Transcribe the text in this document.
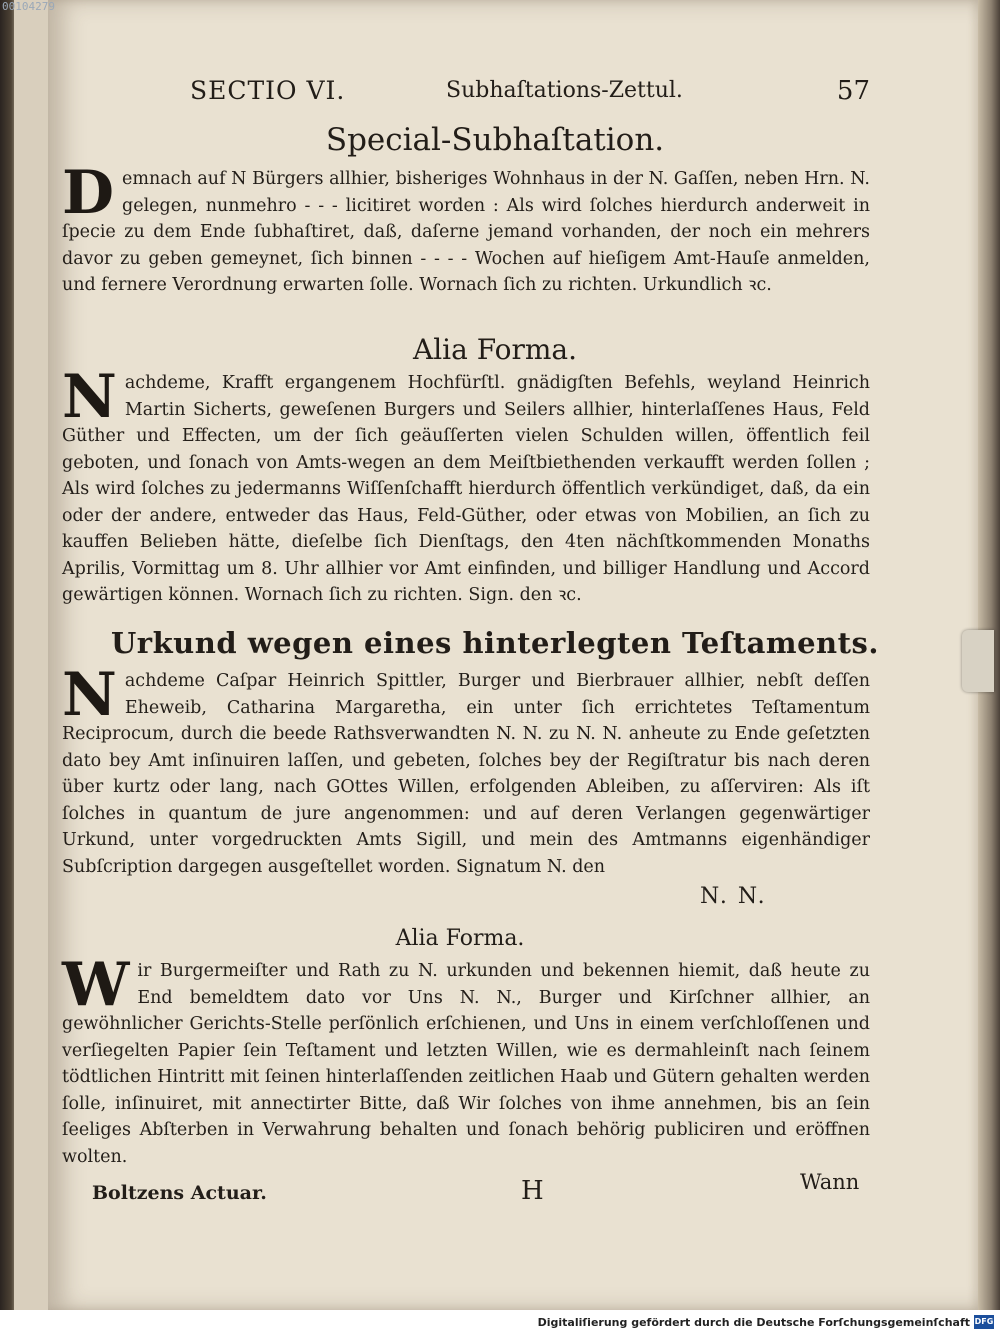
00104279
SECTIO VI.	Subhaſtations-Zettul.	57
Special-Subhaſtation.
D emnach auf N Bürgers allhier, bisheriges Wohnhaus in der N. Gaſſen, neben Hrn. N. gelegen, nunmehro - - - licitiret worden : Als wird ſolches hierdurch anderweit in ſpecie zu dem Ende ſubhaſtiret, daß, daſerne jemand vorhanden, der noch ein mehrers davor zu geben gemeynet, ſich binnen - - - - Wochen auf hieſigem Amt-Hauſe anmelden, und fernere Verordnung erwarten ſolle. Wornach ſich zu richten. Urkundlich ꝛc.
Alia Forma.
N achdeme, Krafft ergangenem Hochfürſtl. gnädigſten Befehls, weyland Heinrich Martin Sicherts, geweſenen Burgers und Seilers allhier, hinterlaſſenes Haus, Feld Güther und Effecten, um der ſich geäuſſerten vielen Schulden willen, öffentlich feil geboten, und ſonach von Amts-wegen an dem Meiſtbiethenden verkaufft werden ſollen ; Als wird ſolches zu jedermanns Wiſſenſchafft hierdurch öffentlich verkündiget, daß, da ein oder der andere, entweder das Haus, Feld-Güther, oder etwas von Mobilien, an ſich zu kauffen Belieben hätte, dieſelbe ſich Dienſtags, den 4ten nächſtkommenden Monaths Aprilis, Vormittag um 8. Uhr allhier vor Amt einfinden, und billiger Handlung und Accord gewärtigen können. Wornach ſich zu richten. Sign. den ꝛc.
Urkund wegen eines hinterlegten Teſtaments.
N achdeme Caſpar Heinrich Spittler, Burger und Bierbrauer allhier, nebſt deſſen Eheweib, Catharina Margaretha, ein unter ſich errichtetes Teſtamentum Reciprocum, durch die beede Rathsverwandten N. N. zu N. N. anheute zu Ende geſetzten dato bey Amt inſinuiren laſſen, und gebeten, ſolches bey der Regiſtratur bis nach deren über kurtz oder lang, nach GOttes Willen, erfolgenden Ableiben, zu aſſerviren: Als iſt ſolches in quantum de jure angenommen: und auf deren Verlangen gegenwärtiger Urkund, unter vorgedruckten Amts Sigill, und mein des Amtmanns eigenhändiger Subſcription dargegen ausgeſtellet worden. Signatum N. den
N. N.
Alia Forma.
W ir Burgermeiſter und Rath zu N. urkunden und bekennen hiemit, daß heute zu End bemeldtem dato vor Uns N. N., Burger und Kirſchner allhier, an gewöhnlicher Gerichts-Stelle perſönlich erſchienen, und Uns in einem verſchloſſenen und verſiegelten Papier ſein Teſtament und letzten Willen, wie es dermahleinſt nach ſeinem tödtlichen Hintritt mit ſeinen hinterlaſſenden zeitlichen Haab und Gütern gehalten werden ſolle, inſinuiret, mit annectirter Bitte, daß Wir ſolches von ihme annehmen, bis an ſein ſeeliges Abſterben in Verwahrung behalten und ſonach behörig publiciren und eröffnen wolten.
Boltzens Actuar.	H	Wann
Digitaliſierung gefördert durch die Deutsche Forſchungsgemeinſchaft DFG
